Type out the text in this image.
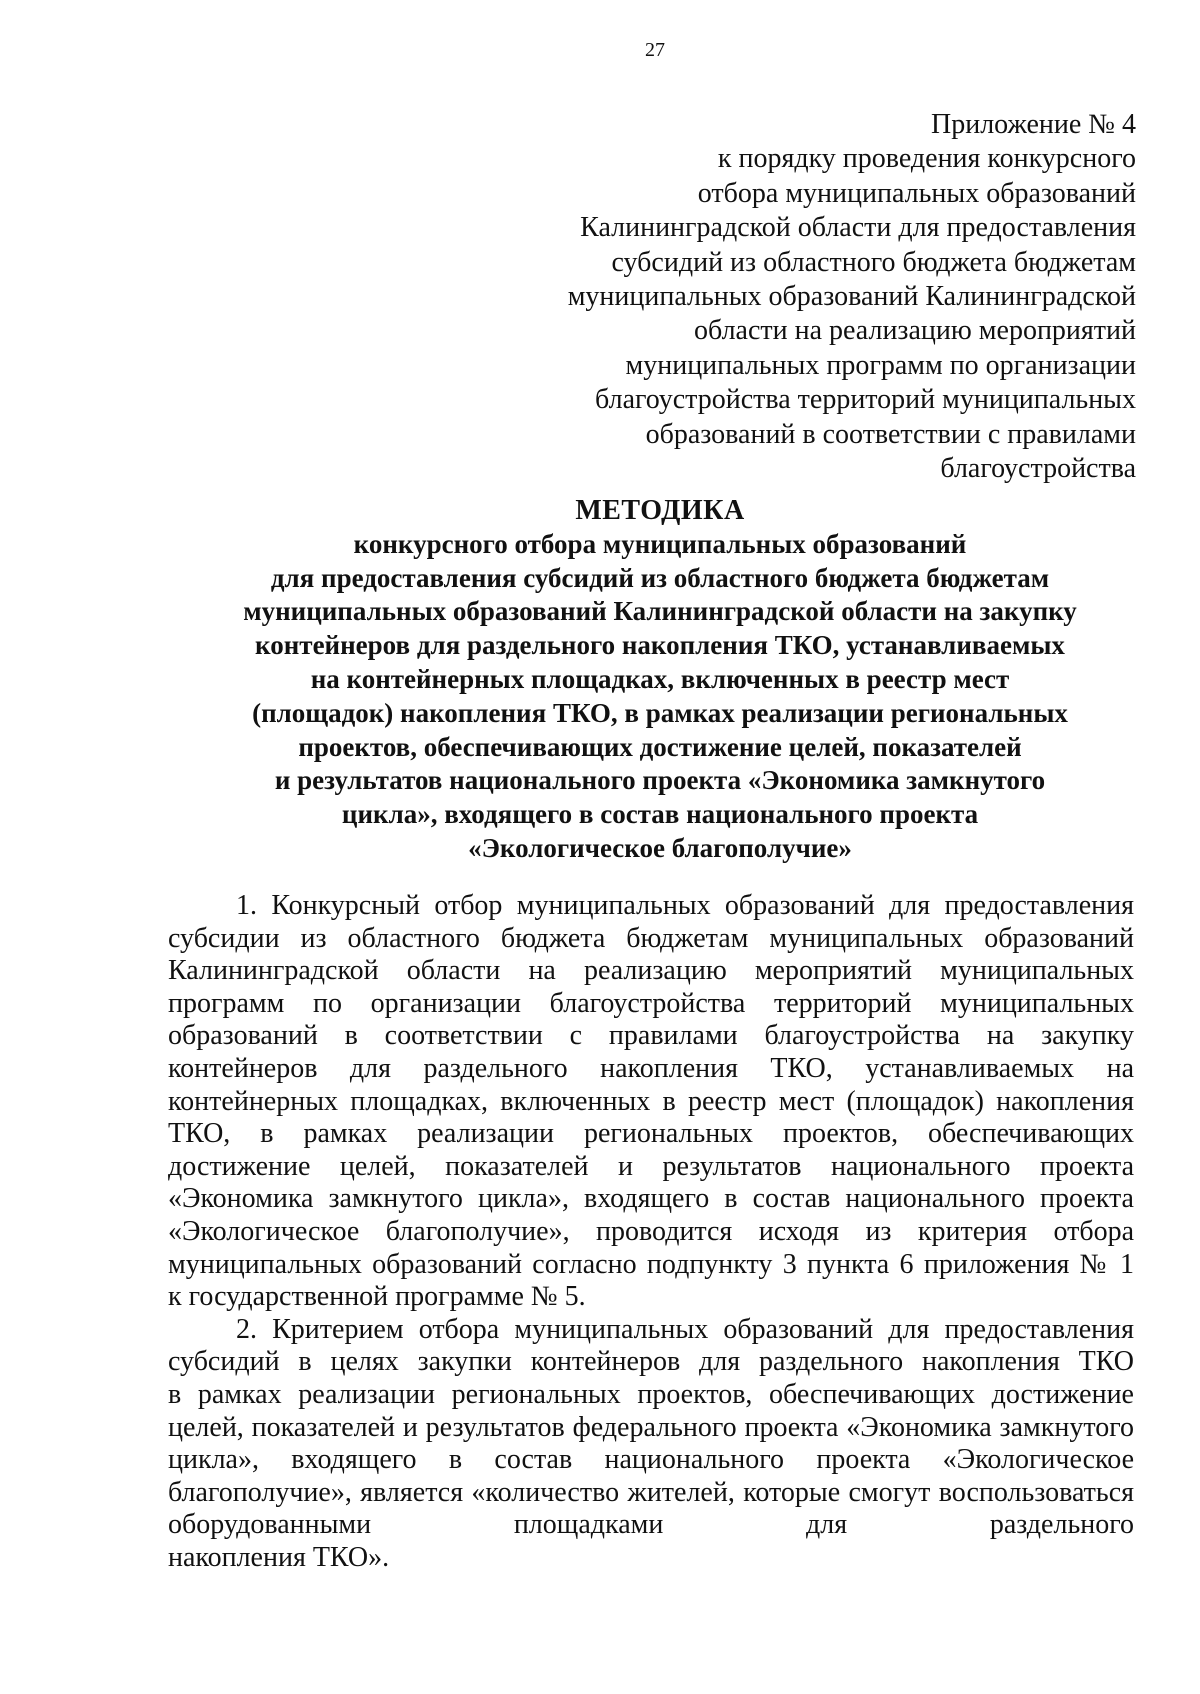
27
Приложение № 4
к порядку проведения конкурсного
отбора муниципальных образований
Калининградской области для предоставления
субсидий из областного бюджета бюджетам
муниципальных образований Калининградской
области на реализацию мероприятий
муниципальных программ по организации
благоустройства территорий муниципальных
образований в соответствии с правилами
благоустройства
МЕТОДИКА
конкурсного отбора муниципальных образований
для предоставления субсидий из областного бюджета бюджетам
муниципальных образований Калининградской области на закупку
контейнеров для раздельного накопления ТКО, устанавливаемых
на контейнерных площадках, включенных в реестр мест
(площадок) накопления ТКО, в рамках реализации региональных
проектов, обеспечивающих достижение целей, показателей
и результатов национального проекта «Экономика замкнутого
цикла», входящего в состав национального проекта
«Экологическое благополучие»
1. Конкурсный отбор муниципальных образований для предоставления
субсидии из областного бюджета бюджетам муниципальных образований
Калининградской области на реализацию мероприятий муниципальных
программ по организации благоустройства территорий муниципальных
образований в соответствии с правилами благоустройства на закупку
контейнеров для раздельного накопления ТКО, устанавливаемых на
контейнерных площадках, включенных в реестр мест (площадок) накопления
ТКО, в рамках реализации региональных проектов, обеспечивающих
достижение целей, показателей и результатов национального проекта
«Экономика замкнутого цикла», входящего в состав национального проекта
«Экологическое благополучие», проводится исходя из критерия отбора
муниципальных образований согласно подпункту 3 пункта 6 приложения № 1
к государственной программе № 5.
2. Критерием отбора муниципальных образований для предоставления
субсидий в целях закупки контейнеров для раздельного накопления ТКО
в рамках реализации региональных проектов, обеспечивающих достижение
целей, показателей и результатов федерального проекта «Экономика замкнутого
цикла», входящего в состав национального проекта «Экологическое
благополучие», является «количество жителей, которые смогут воспользоваться
оборудованными площадками для раздельного
накопления ТКО».
